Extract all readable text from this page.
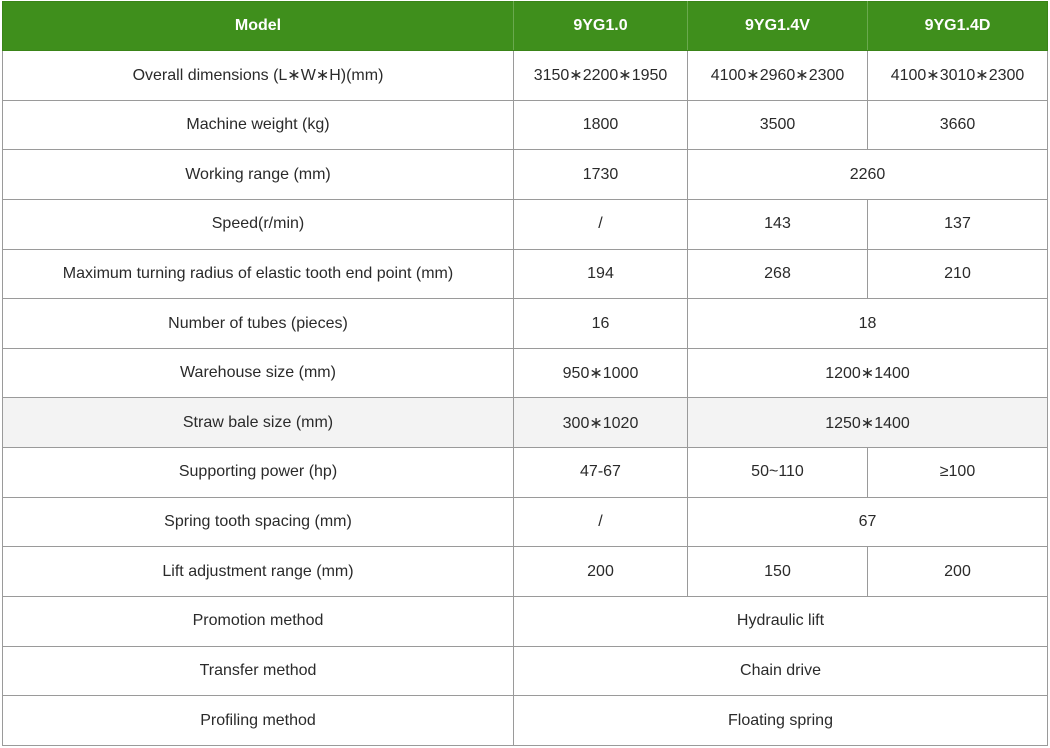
Model	9YG1.0	9YG1.4V	9YG1.4D
Overall dimensions (L∗W∗H)(mm)	3150∗2200∗1950	4100∗2960∗2300	4100∗3010∗2300
Machine weight (kg)	1800	3500	3660
Working range (mm)	1730	2260	
Speed(r/min)	/	143	137
Maximum turning radius of elastic tooth end point (mm)	194	268	210
Number of tubes (pieces)	16	18	
Warehouse size (mm)	950∗1000	1200∗1400	
Straw bale size (mm)	300∗1020	1250∗1400	
Supporting power (hp)	47-67	50~110	≥100
Spring tooth spacing (mm)	/	67	
Lift adjustment range (mm)	200	150	200
Promotion method	Hydraulic lift		
Transfer method	Chain drive		
Profiling method	Floating spring		
